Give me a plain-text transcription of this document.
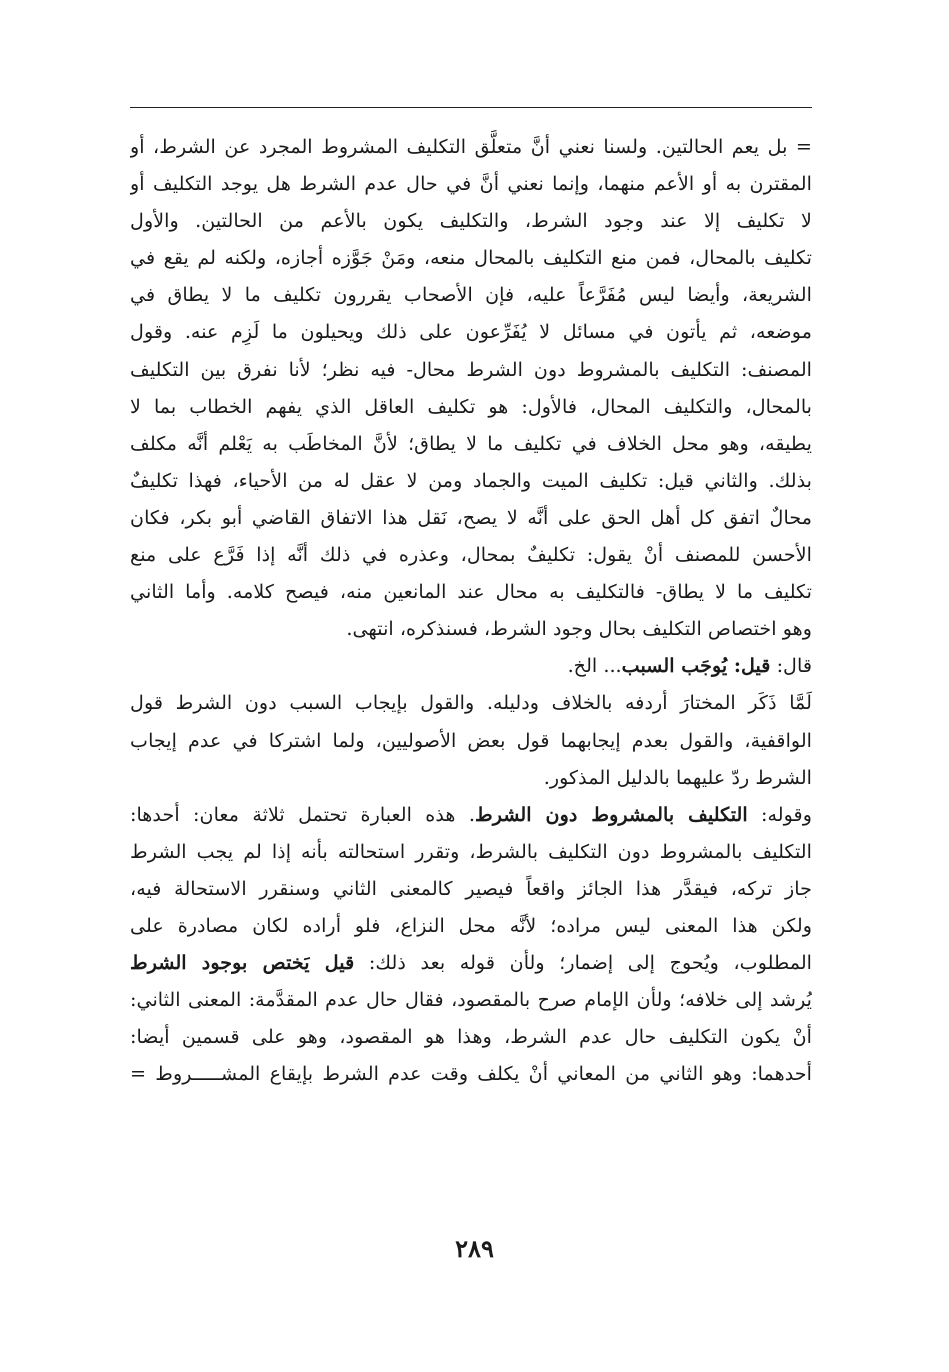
= بل يعم الحالتين. ولسنا نعني أنَّ متعلَّق التكليف المشروط المجرد عن الشرط، أو
المقترن به أو الأعم منهما، وإنما نعني أنَّ في حال عدم الشرط هل يوجد التكليف أو
لا تكليف إلا عند وجود الشرط، والتكليف يكون بالأعم من الحالتين. والأول
تكليف بالمحال، فمن منع التكليف بالمحال منعه، ومَنْ جَوَّزه أجازه، ولكنه لم يقع في
الشريعة، وأيضا ليس مُفَرَّعاً عليه، فإن الأصحاب يقررون تكليف ما لا يطاق في
موضعه، ثم يأتون في مسائل لا يُفَرِّعون على ذلك ويحيلون ما لَزِم عنه. وقول
المصنف: التكليف بالمشروط دون الشرط محال- فيه نظر؛ لأنا نفرق بين التكليف
بالمحال، والتكليف المحال، فالأول: هو تكليف العاقل الذي يفهم الخطاب بما لا
يطيقه، وهو محل الخلاف في تكليف ما لا يطاق؛ لأنَّ المخاطَب به يَعْلم أنَّه مكلف
بذلك. والثاني قيل: تكليف الميت والجماد ومن لا عقل له من الأحياء، فهذا تكليفٌ
محالٌ اتفق كل أهل الحق على أنَّه لا يصح، نَقل هذا الاتفاق القاضي أبو بكر، فكان
الأحسن للمصنف أنْ يقول: تكليفٌ بمحال، وعذره في ذلك أنَّه إذا فَرَّع على منع
تكليف ما لا يطاق- فالتكليف به محال عند المانعين منه، فيصح كلامه. وأما الثاني
وهو اختصاص التكليف بحال وجود الشرط، فسنذكره، انتهى.
قال: قيل: يُوجَب السبب... الخ.
لَمَّا ذَكَر المختارَ أردفه بالخلاف ودليله. والقول بإيجاب السبب دون الشرط قول
الواقفية، والقول بعدم إيجابهما قول بعض الأصوليين، ولما اشتركا في عدم إيجاب
الشرط ردّ عليهما بالدليل المذكور.
وقوله: التكليف بالمشروط دون الشرط. هذه العبارة تحتمل ثلاثة معان: أحدها:
التكليف بالمشروط دون التكليف بالشرط، وتقرر استحالته بأنه إذا لم يجب الشرط
جاز تركه، فيقدَّر هذا الجائز واقعاً فيصير كالمعنى الثاني وسنقرر الاستحالة فيه،
ولكن هذا المعنى ليس مراده؛ لأنَّه محل النزاع، فلو أراده لكان مصادرة على
المطلوب، ويُحوج إلى إضمار؛ ولأن قوله بعد ذلك: قيل يَختص بوجود الشرط
يُرشد إلى خلافه؛ ولأن الإمام صرح بالمقصود، فقال حال عدم المقدَّمة: المعنى الثاني:
أنْ يكون التكليف حال عدم الشرط، وهذا هو المقصود، وهو على قسمين أيضا:
أحدهما: وهو الثاني من المعاني أنْ يكلف وقت عدم الشرط بإيقاع المشـــــروط =
٢٨٩
